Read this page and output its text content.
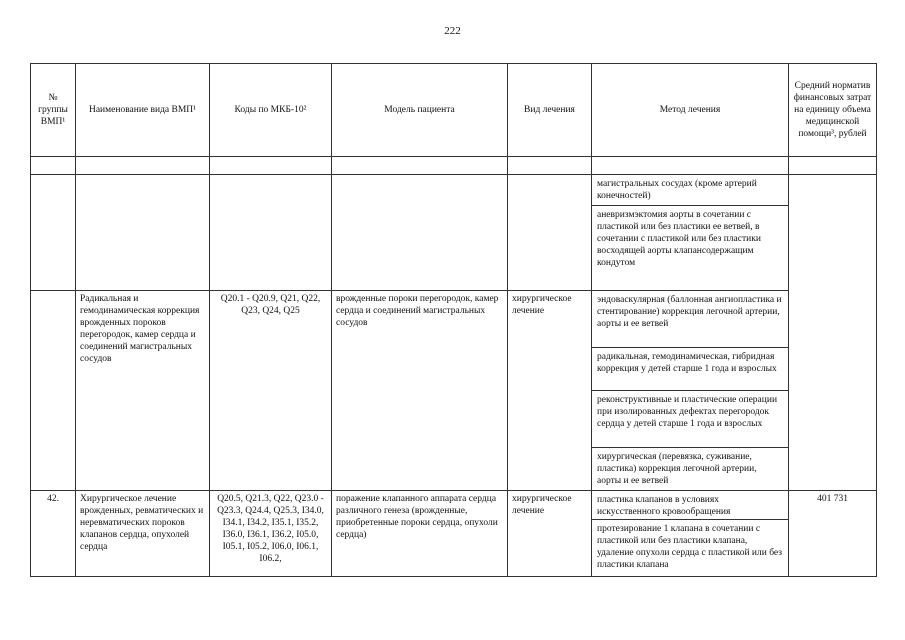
222
№ группы ВМП¹	Наименование вида ВМП¹	Коды по МКБ-10²	Модель пациента	Вид лечения	Метод лечения	Средний норматив финансовых затрат на единицу объема медицинской помощи³, рублей

					магистральных сосудах (кроме артерий конечностей)
аневризмэктомия аорты в сочетании с пластикой или без пластики ее ветвей, в сочетании с пластикой или без пластики восходящей аорты клапансодержащим кондутом	

	Радикальная и гемодинамическая коррекция врожденных пороков перегородок, камер сердца и соединений магистральных сосудов	Q20.1 - Q20.9, Q21, Q22, Q23, Q24, Q25	врожденные пороки перегородок, камер сердца и соединений магистральных сосудов	хирургическое лечение	эндоваскулярная (баллонная ангиопластика и стентирование) коррекция легочной артерии, аорты и ее ветвей
радикальная, гемодинамическая, гибридная коррекция у детей старше 1 года и взрослых
реконструктивные и пластические операции при изолированных дефектах перегородок сердца у детей старше 1 года и взрослых
хирургическая (перевязка, суживание, пластика) коррекция легочной артерии, аорты и ее ветвей	

42.	Хирургическое лечение врожденных, ревматических и неревматических пороков клапанов сердца, опухолей сердца	Q20.5, Q21.3, Q22, Q23.0 - Q23.3, Q24.4, Q25.3, I34.0, I34.1, I34.2, I35.1, I35.2, I36.0, I36.1, I36.2, I05.0, I05.1, I05.2, I06.0, I06.1, I06.2,	поражение клапанного аппарата сердца различного генеза (врожденные, приобретенные пороки сердца, опухоли сердца)	хирургическое лечение	пластика клапанов в условиях искусственного кровообращения
протезирование 1 клапана в сочетании с пластикой или без пластики клапана, удаление опухоли сердца с пластикой или без пластики клапана	401 731
